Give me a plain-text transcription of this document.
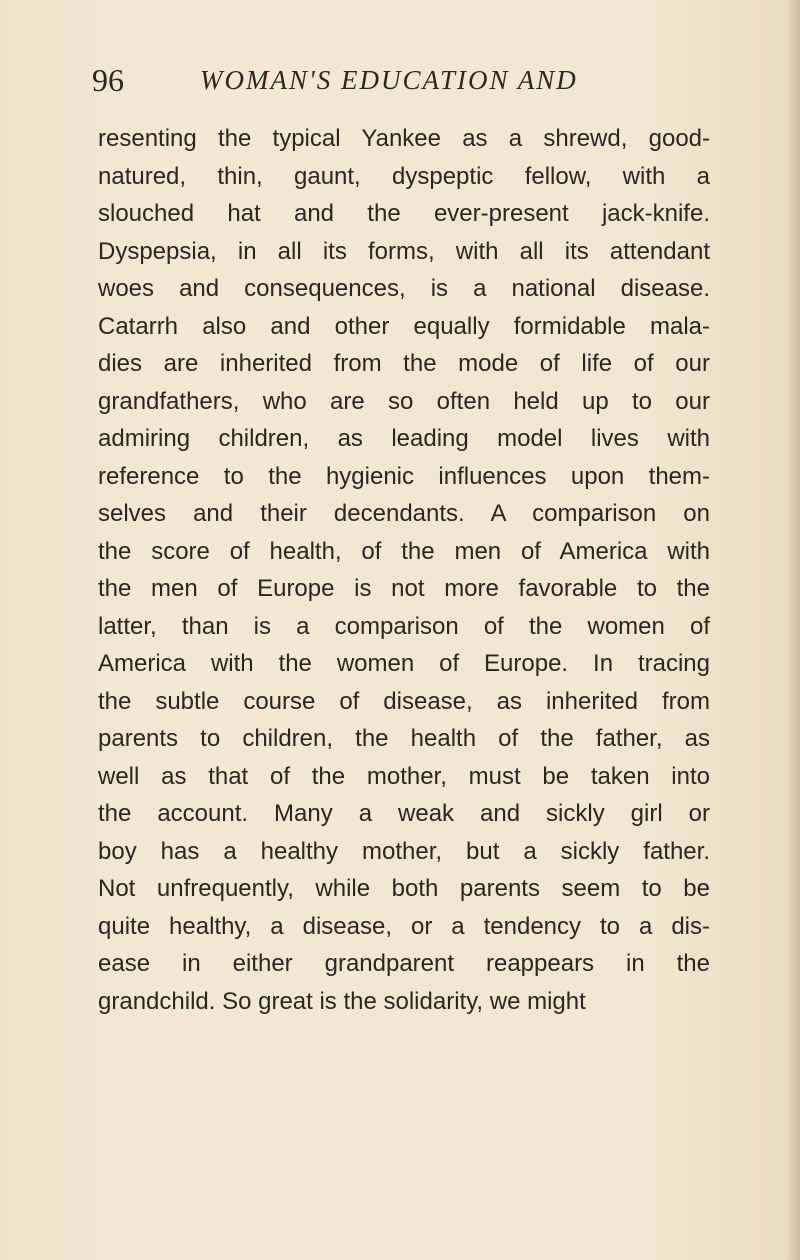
96	WOMAN'S EDUCATION AND
resenting the typical Yankee as a shrewd, good-
natured, thin, gaunt, dyspeptic fellow, with a
slouched hat and the ever-present jack-knife.
Dyspepsia, in all its forms, with all its attendant
woes and consequences, is a national disease.
Catarrh also and other equally formidable mala-
dies are inherited from the mode of life of our
grandfathers, who are so often held up to our
admiring children, as leading model lives with
reference to the hygienic influences upon them-
selves and their decendants. A comparison on
the score of health, of the men of America with
the men of Europe is not more favorable to the
latter, than is a comparison of the women of
America with the women of Europe. In tracing
the subtle course of disease, as inherited from
parents to children, the health of the father, as
well as that of the mother, must be taken into
the account. Many a weak and sickly girl or
boy has a healthy mother, but a sickly father.
Not unfrequently, while both parents seem to be
quite healthy, a disease, or a tendency to a dis-
ease in either grandparent reappears in the
grandchild. So great is the solidarity, we might
